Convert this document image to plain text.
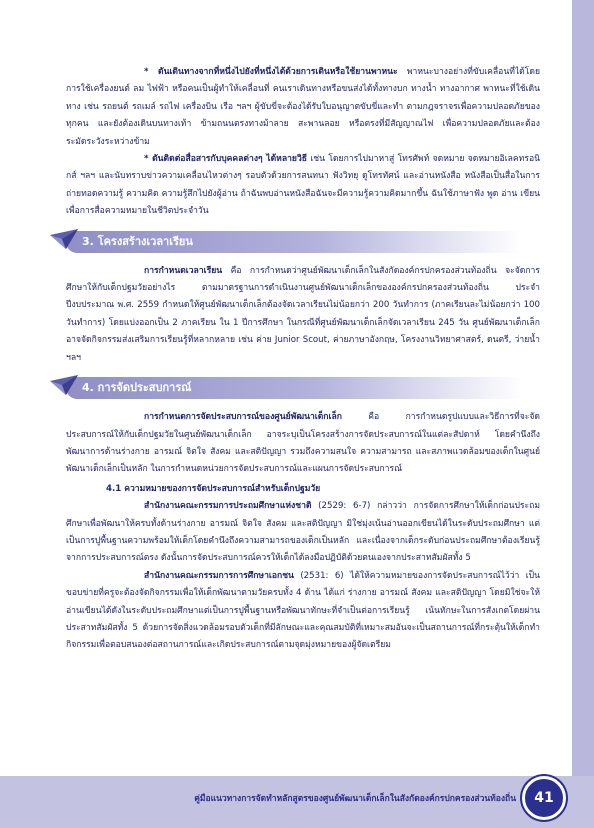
* ดันเดินทางจากที่หนึ่งไปยังที่หนึ่งได้ด้วยการเดินหรือใช้ยานพาหนะ พาหนะบางอย่างที่ขับเคลื่อนที่ได้โดยการใช้เครื่องยนต์ ลม ไฟฟ้า หรือคนเป็นผู้ทำให้เคลื่อนที่ คนเราเดินทางหรือขนส่งได้ทั้งทางบก ทางน้ำ ทางอากาศ พาหนะที่ใช้เดินทาง เช่น รถยนต์ รถเมล์ รถไฟ เครื่องบิน เรือ ฯลฯ ผู้ขับขี่จะต้องได้รับใบอนุญาตขับขี่และทำ ตามกฎจราจรเพื่อความปลอดภัยของทุกคน และยังต้องเดินบนทางเท้า ข้ามถนนตรงทางม้าลาย สะพานลอย หรือตรงที่มีสัญญาณไฟ เพื่อความปลอดภัยและต้องระมัดระวังระหว่างข้าม

* ดันติดต่อสื่อสารกับบุคคลต่างๆ ได้หลายวิธี เช่น โดยการไปมาหาสู่ โทรศัพท์ จดหมาย จดหมายอิเลคทรอนิกส์ ฯลฯ และนับทราบข่าวความเคลื่อนไหวต่างๆ รอบตัวด้วยการสนทนา ฟังวิทยุ ดูโทรทัศน์ และอ่านหนังสือ หนังสือเป็นสื่อในการถ่ายทอดความรู้ ความคิด ความรู้สึกไปยังผู้อ่าน ถ้าฉันพบอ่านหนังสือฉันจะมีความรู้ความคิดมากขึ้น ฉันใช้ภาษาฟัง พูด อ่าน เขียน เพื่อการสื่อความหมายในชีวิตประจำวัน

3. โครงสร้างเวลาเรียน

การกำหนดเวลาเรียน คือ การกำหนดว่าศูนย์พัฒนาเด็กเล็กในสังกัดองค์กรปกครองส่วนท้องถิ่น จะจัดการศึกษาให้กับเด็กปฐมวัยอย่างไร ตามมาตรฐานการดำเนินงานศูนย์พัฒนาเด็กเล็กขององค์กรปกครองส่วนท้องถิ่น ประจำปีงบประมาณ พ.ศ. 2559 กำหนดให้ศูนย์พัฒนาเด็กเล็กต้องจัดเวลาเรียนไม่น้อยกว่า 200 วันทำการ (ภาคเรียนละไม่น้อยกว่า 100 วันทำการ) โดยแบ่งออกเป็น 2 ภาคเรียน ใน 1 ปีการศึกษา ในกรณีที่ศูนย์พัฒนาเด็กเล็กจัดเวลาเรียน 245 วัน ศูนย์พัฒนาเด็กเล็กอาจจัดกิจกรรมส่งเสริมการเรียนรู้ที่หลากหลาย เช่น ค่าย Junior Scout, ค่ายภาษาอังกฤษ, โครงงานวิทยาศาสตร์, ดนตรี, ว่ายน้ำ ฯลฯ

4. การจัดประสบการณ์

การกำหนดการจัดประสบการณ์ของศูนย์พัฒนาเด็กเล็ก คือ การกำหนดรูปแบบและวิธีการที่จะจัดประสบการณ์ให้กับเด็กปฐมวัยในศูนย์พัฒนาเด็กเล็ก อาจระบุเป็นโครงสร้างการจัดประสบการณ์ในแต่ละสัปดาห์ โดยคำนึงถึงพัฒนาการด้านร่างกาย อารมณ์ จิตใจ สังคม และสติปัญญา รวมถึงความสนใจ ความสามารถ และสภาพแวดล้อมของเด็กในศูนย์พัฒนาเด็กเล็กเป็นหลัก ในการกำหนดหน่วยการจัดประสบการณ์และแผนการจัดประสบการณ์

4.1 ความหมายของการจัดประสบการณ์สำหรับเด็กปฐมวัย

สำนักงานคณะกรรมการประถมศึกษาแห่งชาติ (2529: 6-7) กล่าวว่า การจัดการศึกษาให้เด็กก่อนประถมศึกษาเพื่อพัฒนาให้ครบทั้งด้านร่างกาย อารมณ์ จิตใจ สังคม และสติปัญญา มิใช่มุ่งเน้นอ่านออกเขียนได้ในระดับประถมศึกษา แต่เป็นการปูพื้นฐานความพร้อมให้เด็กโดยคำนึงถึงความสามารถของเด็กเป็นหลัก และเนื่องจากเด็กระดับก่อนประถมศึกษาต้องเรียนรู้จากการประสบการณ์ตรง ดังนั้นการจัดประสบการณ์ควรให้เด็กได้ลงมือปฏิบัติด้วยตนเองจากประสาทสัมผัสทั้ง 5

สำนักงานคณะกรรมการการศึกษาเอกชน (2531: 6) ได้ให้ความหมายของการจัดประสบการณ์ไว้ว่า เป็นขอบข่ายที่ครูจะต้องจัดกิจกรรมเพื่อให้เด็กพัฒนาตามวัยครบทั้ง 4 ด้าน ได้แก่ ร่างกาย อารมณ์ สังคม และสติปัญญา โดยมิใช่จะให้อ่านเขียนได้ดังในระดับประถมศึกษาแต่เป็นการปูพื้นฐานหรือพัฒนาทักษะที่จำเป็นต่อการเรียนรู้ เน้นทักษะในการสังเกตโดยผ่านประสาทสัมผัสทั้ง 5 ด้วยการจัดสิ่งแวดล้อมรอบตัวเด็กที่มีลักษณะและคุณสมบัติที่เหมาะสมอันจะเป็นสถานการณ์ที่กระตุ้นให้เด็กทำกิจกรรมเพื่อตอบสนองต่อสถานการณ์และเกิดประสบการณ์ตามจุดมุ่งหมายของผู้จัดเตรียม

คู่มือแนวทางการจัดทำหลักสูตรของศูนย์พัฒนาเด็กเล็กในสังกัดองค์กรปกครองส่วนท้องถิ่น	41
